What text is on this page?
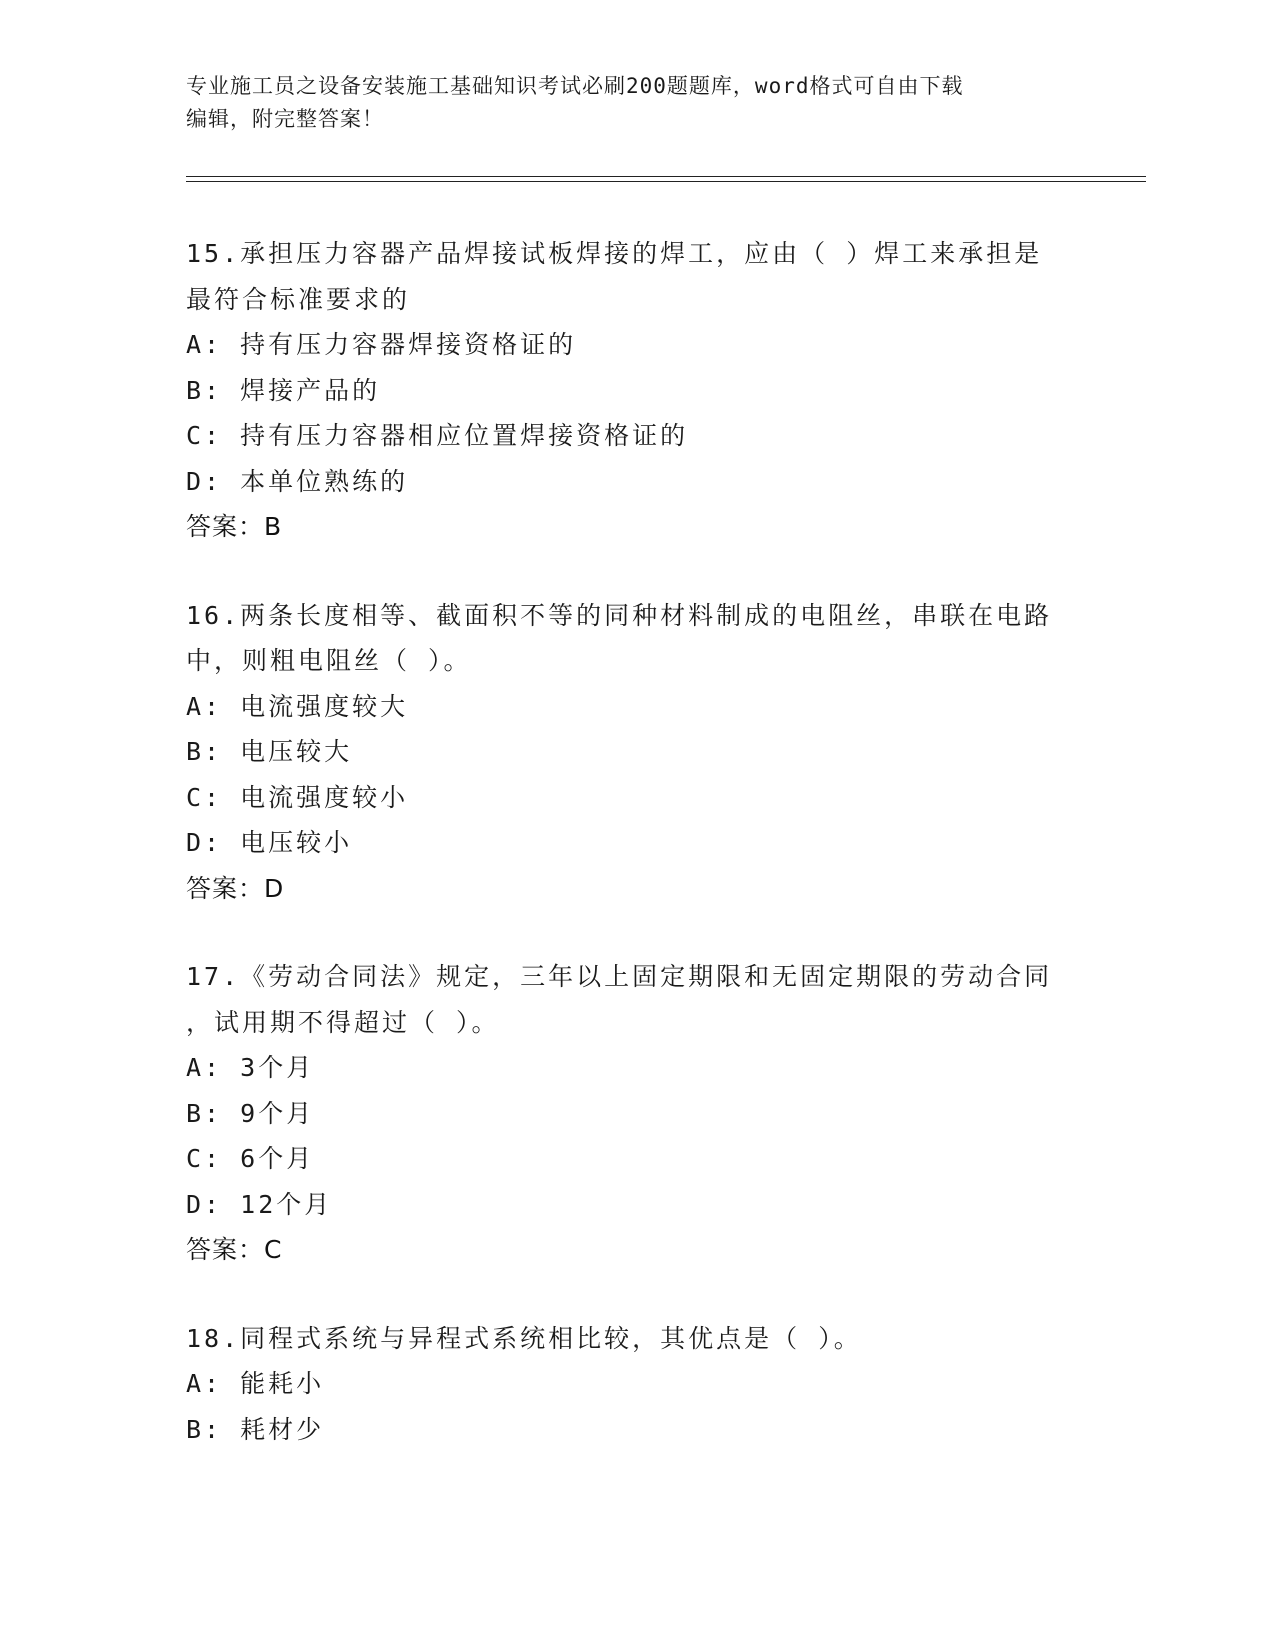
专业施工员之设备安装施工基础知识考试必刷200题题库，word格式可自由下载
编辑，附完整答案！
15.承担压力容器产品焊接试板焊接的焊工，应由（ ）焊工来承担是
最符合标准要求的
A: 持有压力容器焊接资格证的
B: 焊接产品的
C: 持有压力容器相应位置焊接资格证的
D: 本单位熟练的
答案：B
16.两条长度相等、截面积不等的同种材料制成的电阻丝，串联在电路
中，则粗电阻丝（ ）。
A: 电流强度较大
B: 电压较大
C: 电流强度较小
D: 电压较小
答案：D
17.《劳动合同法》规定，三年以上固定期限和无固定期限的劳动合同
，试用期不得超过（ ）。
A: 3个月
B: 9个月
C: 6个月
D: 12个月
答案：C
18.同程式系统与异程式系统相比较，其优点是（ ）。
A: 能耗小
B: 耗材少
